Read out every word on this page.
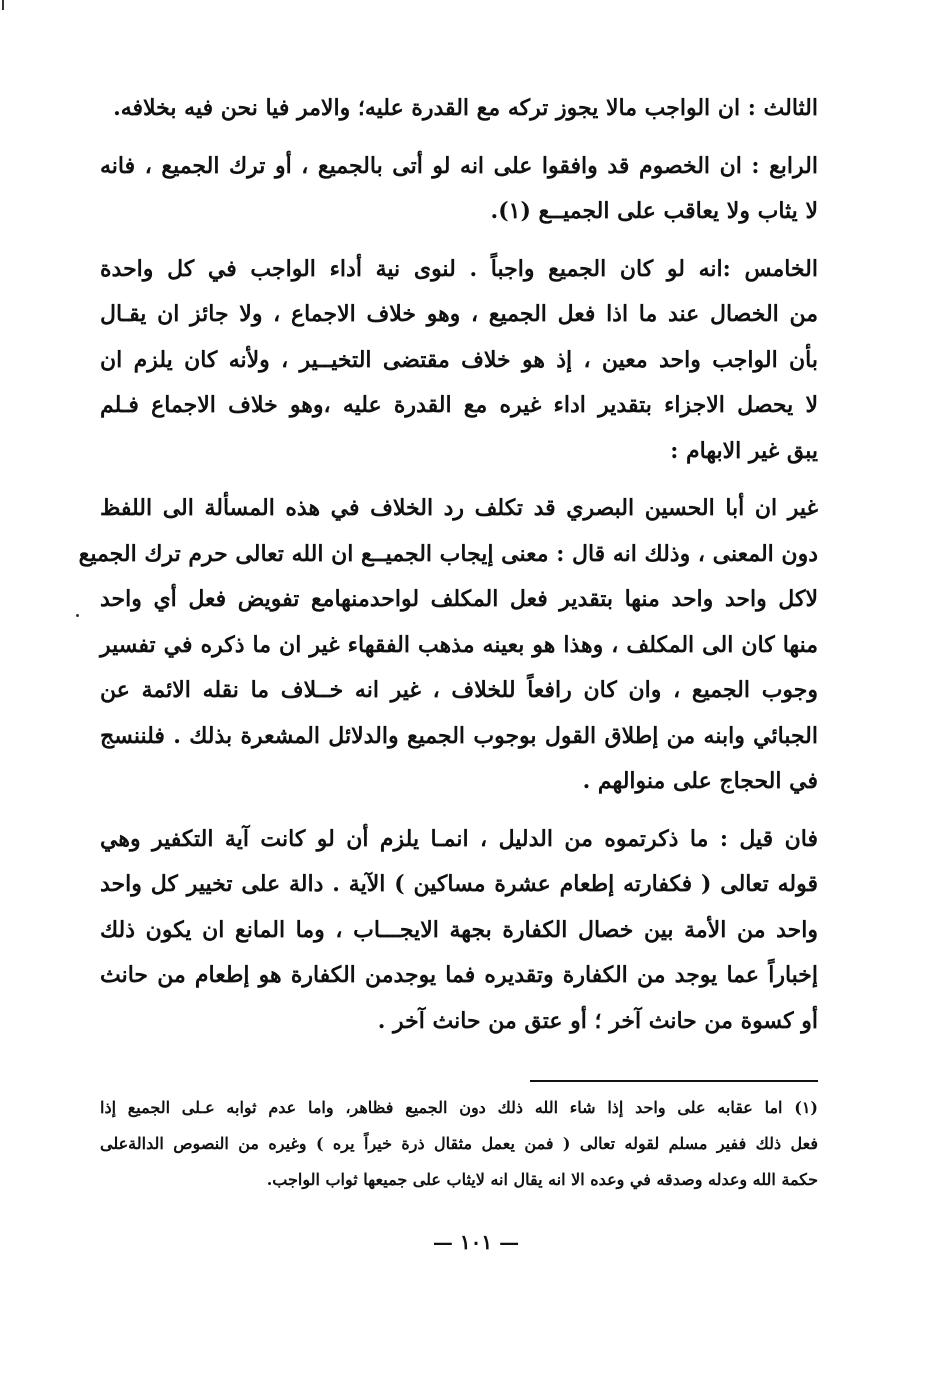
الثالث : ان الواجب مالا يجوز تركه مع القدرة عليه؛ والامر فيا نحن فيه بخلافه.
الرابع : ان الخصوم قد وافقوا على انه لو أتى بالجميع ، أو ترك الجميع ، فانه
لا يثاب ولا يعاقب على الجميــع (١).
الخامس :انه لو كان الجميع واجباً . لنوى نية أداء الواجب في كل واحدة
من الخصال عند ما اذا فعل الجميع ، وهو خلاف الاجماع ، ولا جائز ان يقـال
بأن الواجب واحد معين ، إذ هو خلاف مقتضى التخيــير ، ولأنه كان يلزم ان
لا يحصل الاجزاء بتقدير اداء غيره مع القدرة عليه ،وهو خلاف الاجماع فـلم
يبق غير الابهام :
غير ان أبا الحسين البصري قد تكلف رد الخلاف في هذه المسألة الى اللفظ
دون المعنى ، وذلك انه قال : معنى إيجاب الجميــع ان الله تعالى حرم ترك الجميع
لاكل واحد واحد منها بتقدير فعل المكلف لواحدمنهامع تفويض فعل أي واحد
منها كان الى المكلف ، وهذا هو بعينه مذهب الفقهاء غير ان ما ذكره في تفسير
وجوب الجميع ، وان كان رافعاً للخلاف ، غير انه خــلاف ما نقله الائمة عن
الجبائي وابنه من إطلاق القول بوجوب الجميع والدلائل المشعرة بذلك . فلننسج
في الحجاج على منوالهم .
فان قيل : ما ذكرتموه من الدليل ، انمـا يلزم أن لو كانت آية التكفير وهي
قوله تعالى ( فكفارته إطعام عشرة مساكين ) الآية . دالة على تخيير كل واحد
واحد من الأمة بين خصال الكفارة بجهة الايجـــاب ، وما المانع ان يكون ذلك
إخباراً عما يوجد من الكفارة وتقديره فما يوجدمن الكفارة هو إطعام من حانث
أو كسوة من حانث آخر ؛ أو عتق من حانث آخر .
(١) اما عقابه على واحد إذا شاء الله ذلك دون الجميع فظاهر، واما عدم ثوابه عـلى الجميع إذا
فعل ذلك ففير مسلم لقوله تعالى ( فمن يعمل مثقال ذرة خيراً يره ) وغيره من النصوص الدالةعلى
حكمة الله وعدله وصدقه في وعده الا انه يقال انه لايثاب على جميعها ثواب الواجب.
— ١٠١ —
